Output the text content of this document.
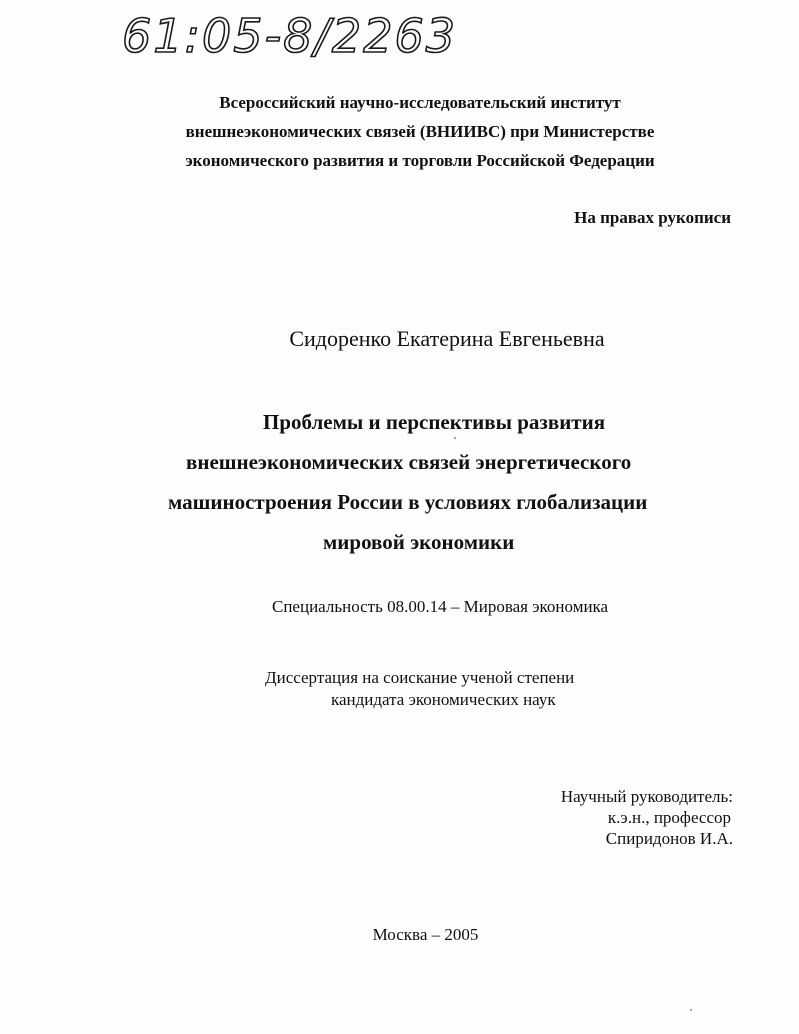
61:05-8/2263
Всероссийский научно-исследовательский институт
внешнеэкономических связей (ВНИИВС) при Министерстве
экономического развития и торговли Российской Федерации
На правах рукописи
Сидоренко Екатерина Евгеньевна
Проблемы и перспективы развития
внешнеэкономических связей энергетического
машиностроения России в условиях глобализации
мировой экономики
Специальность 08.00.14 – Мировая экономика
Диссертация на соискание ученой степени
кандидата экономических наук
Научный руководитель:
к.э.н., профессор
Спиридонов И.А.
Москва – 2005
